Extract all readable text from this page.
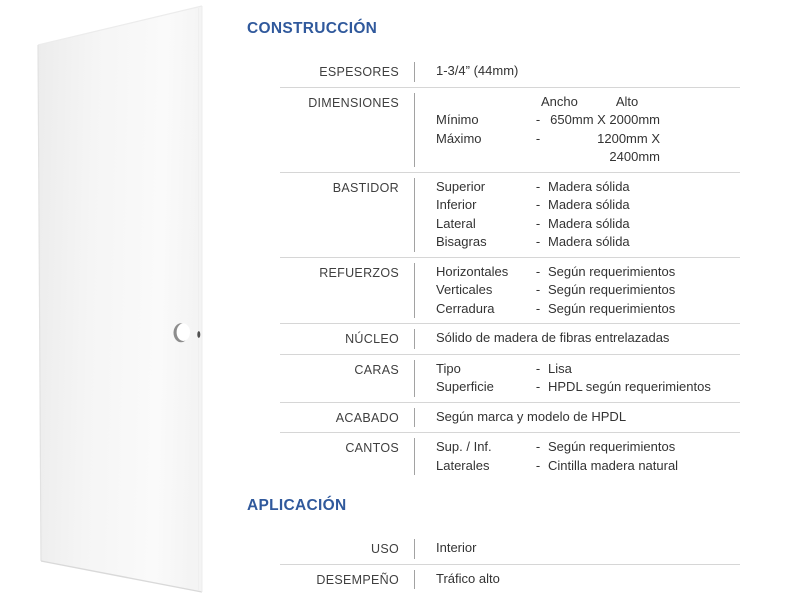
CONSTRUCCIÓN
ESPESORES	1-3/4” (44mm)
DIMENSIONES	Ancho	Alto
Mínimo	- 650mm X 2000mm
Máximo	-	1200mm X 2400mm
BASTIDOR	Superior	- Madera sólida
Inferior	- Madera sólida
Lateral	- Madera sólida
Bisagras	- Madera sólida
REFUERZOS	Horizontales	- Según requerimientos
Verticales	- Según requerimientos
Cerradura	- Según requerimientos
NÚCLEO	Sólido de madera de fibras entrelazadas
CARAS	Tipo	- Lisa
Superficie	- HPDL según requerimientos
ACABADO	Según marca y modelo de HPDL
CANTOS	Sup. / Inf.	- Según requerimientos
Laterales	- Cintilla madera natural
APLICACIÓN
USO	Interior
DESEMPEÑO	Tráfico alto
